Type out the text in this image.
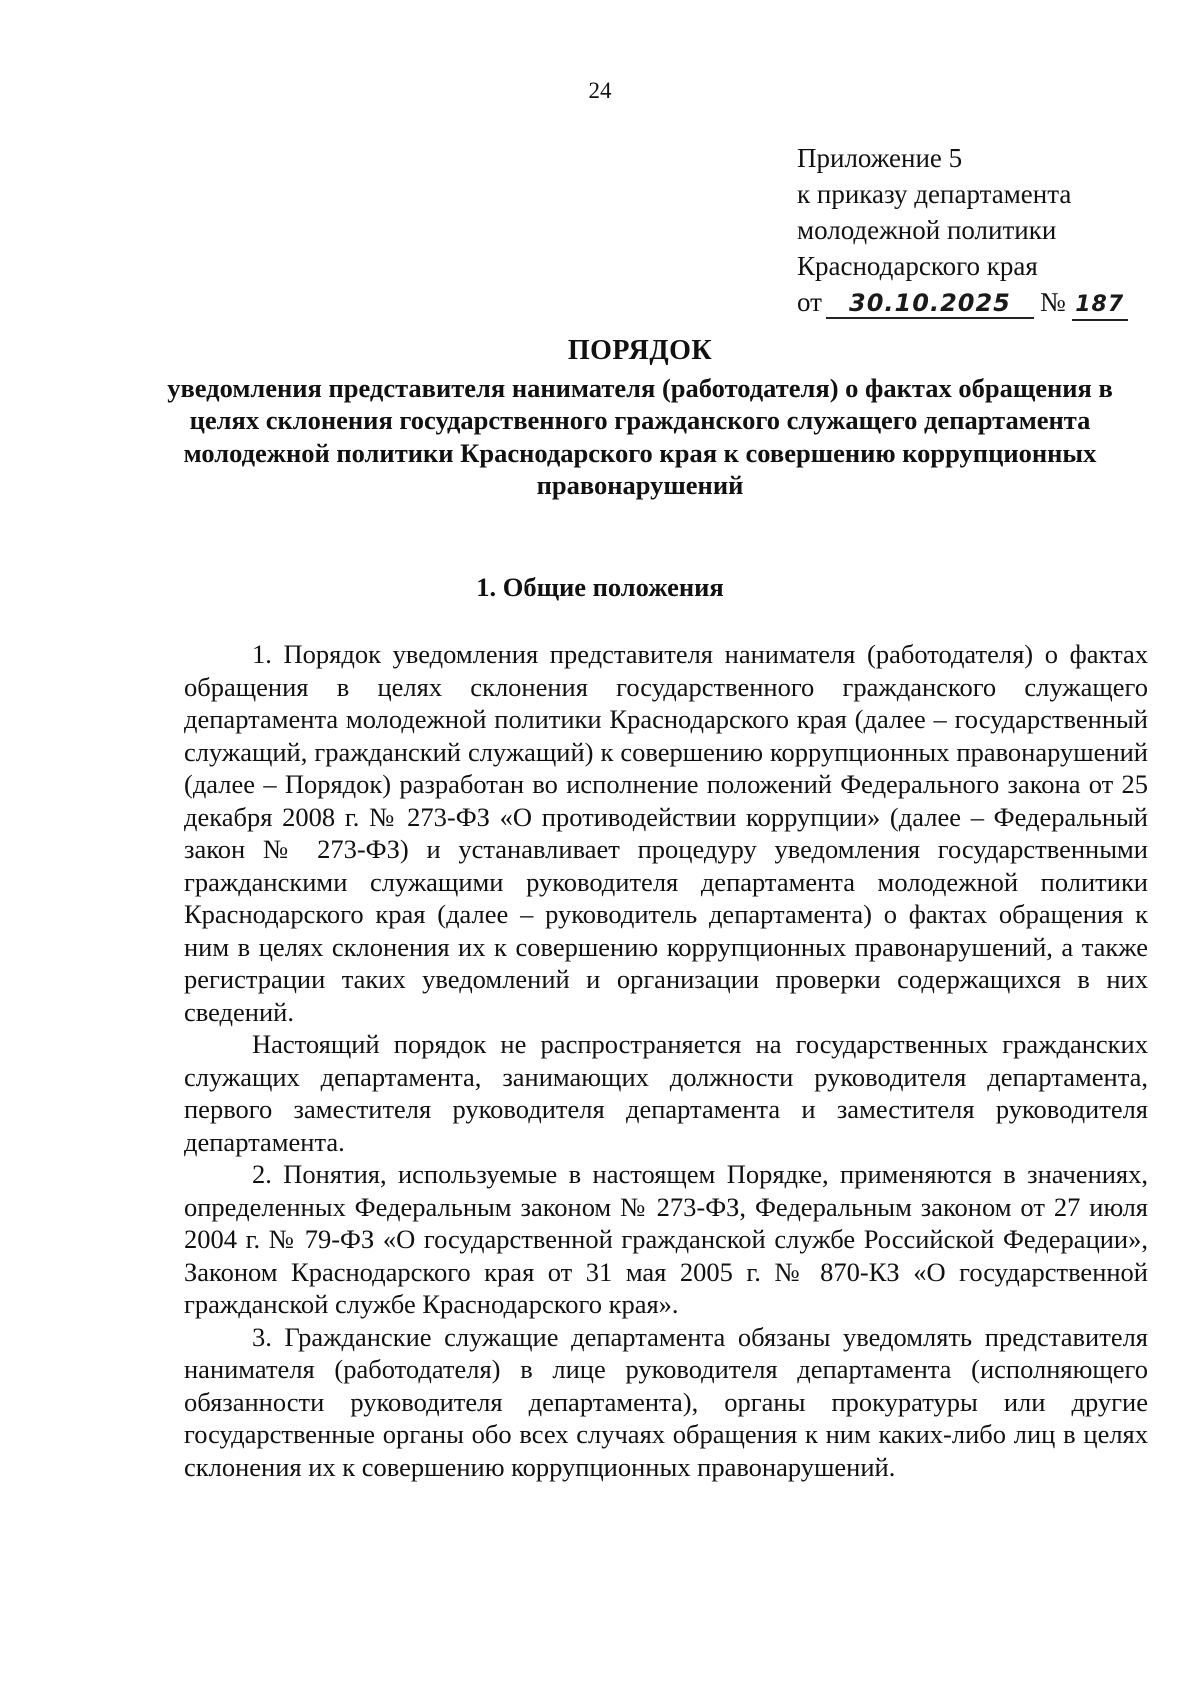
24
Приложение 5
к приказу департамента
молодежной политики
Краснодарского края
от 30.10.2025 № 187
ПОРЯДОК
уведомления представителя нанимателя (работодателя) о фактах обращения в целях склонения государственного гражданского служащего департамента молодежной политики Краснодарского края к совершению коррупционных правонарушений
1. Общие положения

1. Порядок уведомления представителя нанимателя (работодателя) о фактах обращения в целях склонения государственного гражданского служащего департамента молодежной политики Краснодарского края (далее – государственный служащий, гражданский служащий) к совершению коррупционных правонарушений (далее – Порядок) разработан во исполнение положений Федерального закона от 25 декабря 2008 г. № 273-ФЗ «О противодействии коррупции» (далее – Федеральный закон № 273-ФЗ) и устанавливает процедуру уведомления государственными гражданскими служащими руководителя департамента молодежной политики Краснодарского края (далее – руководитель департамента) о фактах обращения к ним в целях склонения их к совершению коррупционных правонарушений, а также регистрации таких уведомлений и организации проверки содержащихся в них сведений.

Настоящий порядок не распространяется на государственных гражданских служащих департамента, занимающих должности руководителя департамента, первого заместителя руководителя департамента и заместителя руководителя департамента.

2. Понятия, используемые в настоящем Порядке, применяются в значениях, определенных Федеральным законом № 273-ФЗ, Федеральным законом от 27 июля 2004 г. № 79-ФЗ «О государственной гражданской службе Российской Федерации», Законом Краснодарского края от 31 мая 2005 г. № 870-КЗ «О государственной гражданской службе Краснодарского края».

3. Гражданские служащие департамента обязаны уведомлять представителя нанимателя (работодателя) в лице руководителя департамента (исполняющего обязанности руководителя департамента), органы прокуратуры или другие государственные органы обо всех случаях обращения к ним каких-либо лиц в целях склонения их к совершению коррупционных правонарушений.
